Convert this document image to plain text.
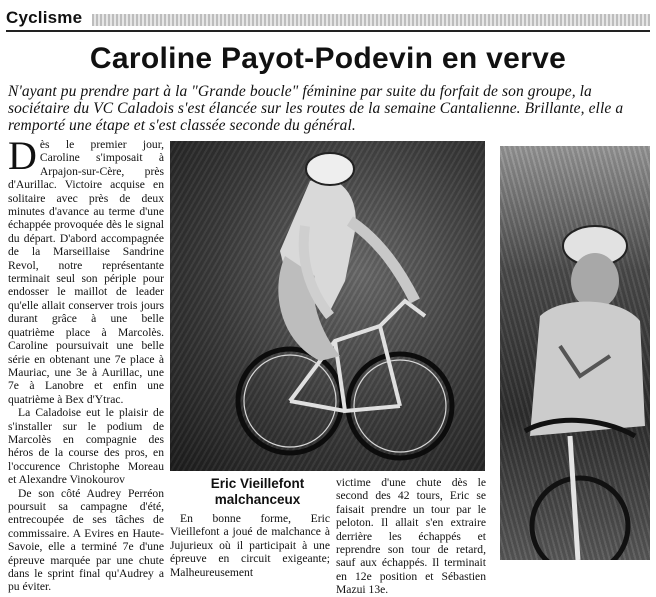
Cyclisme
Caroline Payot-Podevin en verve
N'ayant pu prendre part à la "Grande boucle" féminine par suite du forfait de son groupe, la sociétaire du VC Caladois s'est élancée sur les routes de la semaine Cantalienne. Brillante, elle a remporté une étape et s'est classée seconde du général.

Dès le premier jour, Caroline s'imposait à Arpajon-sur-Cère, près d'Aurillac. Victoire acquise en solitaire avec près de deux minutes d'avance au terme d'une échappée provoquée dès le signal du départ. D'abord accompagnée de la Marseillaise Sandrine Revol, notre représentante terminait seul son périple pour endosser le maillot de leader qu'elle allait conserver trois jours durant grâce à une belle quatrième place à Marcolès. Caroline poursuivait une belle série en obtenant une 7e place à Mauriac, une 3e à Aurillac, une 7e à Lanobre et enfin une quatrième à Bex d'Ytrac.

La Caladoise eut le plaisir de s'installer sur le podium de Marcolès en compagnie des héros de la course des pros, en l'occurence Christophe Moreau et Alexandre Vinokourov

De son côté Audrey Perréon poursuit sa campagne d'été, entrecoupée de ses tâches de commissaire. A Evires en Haute-Savoie, elle a terminé 7e d'une épreuve marquée par une chute dans le sprint final qu'Audrey a pu éviter.

Eric Vieillefont malchanceux

En bonne forme, Eric Vieillefont a joué de malchance à Jujurieux où il participait à une épreuve en circuit exigeante; Malheureusement

victime d'une chute dès le second des 42 tours, Eric se faisait prendre un tour par le peloton. Il allait s'en extraire derrière les échappés et reprendre son tour de retard, sauf aux échappés. Il terminait en 12e position et Sébastien Mazui 13e.
